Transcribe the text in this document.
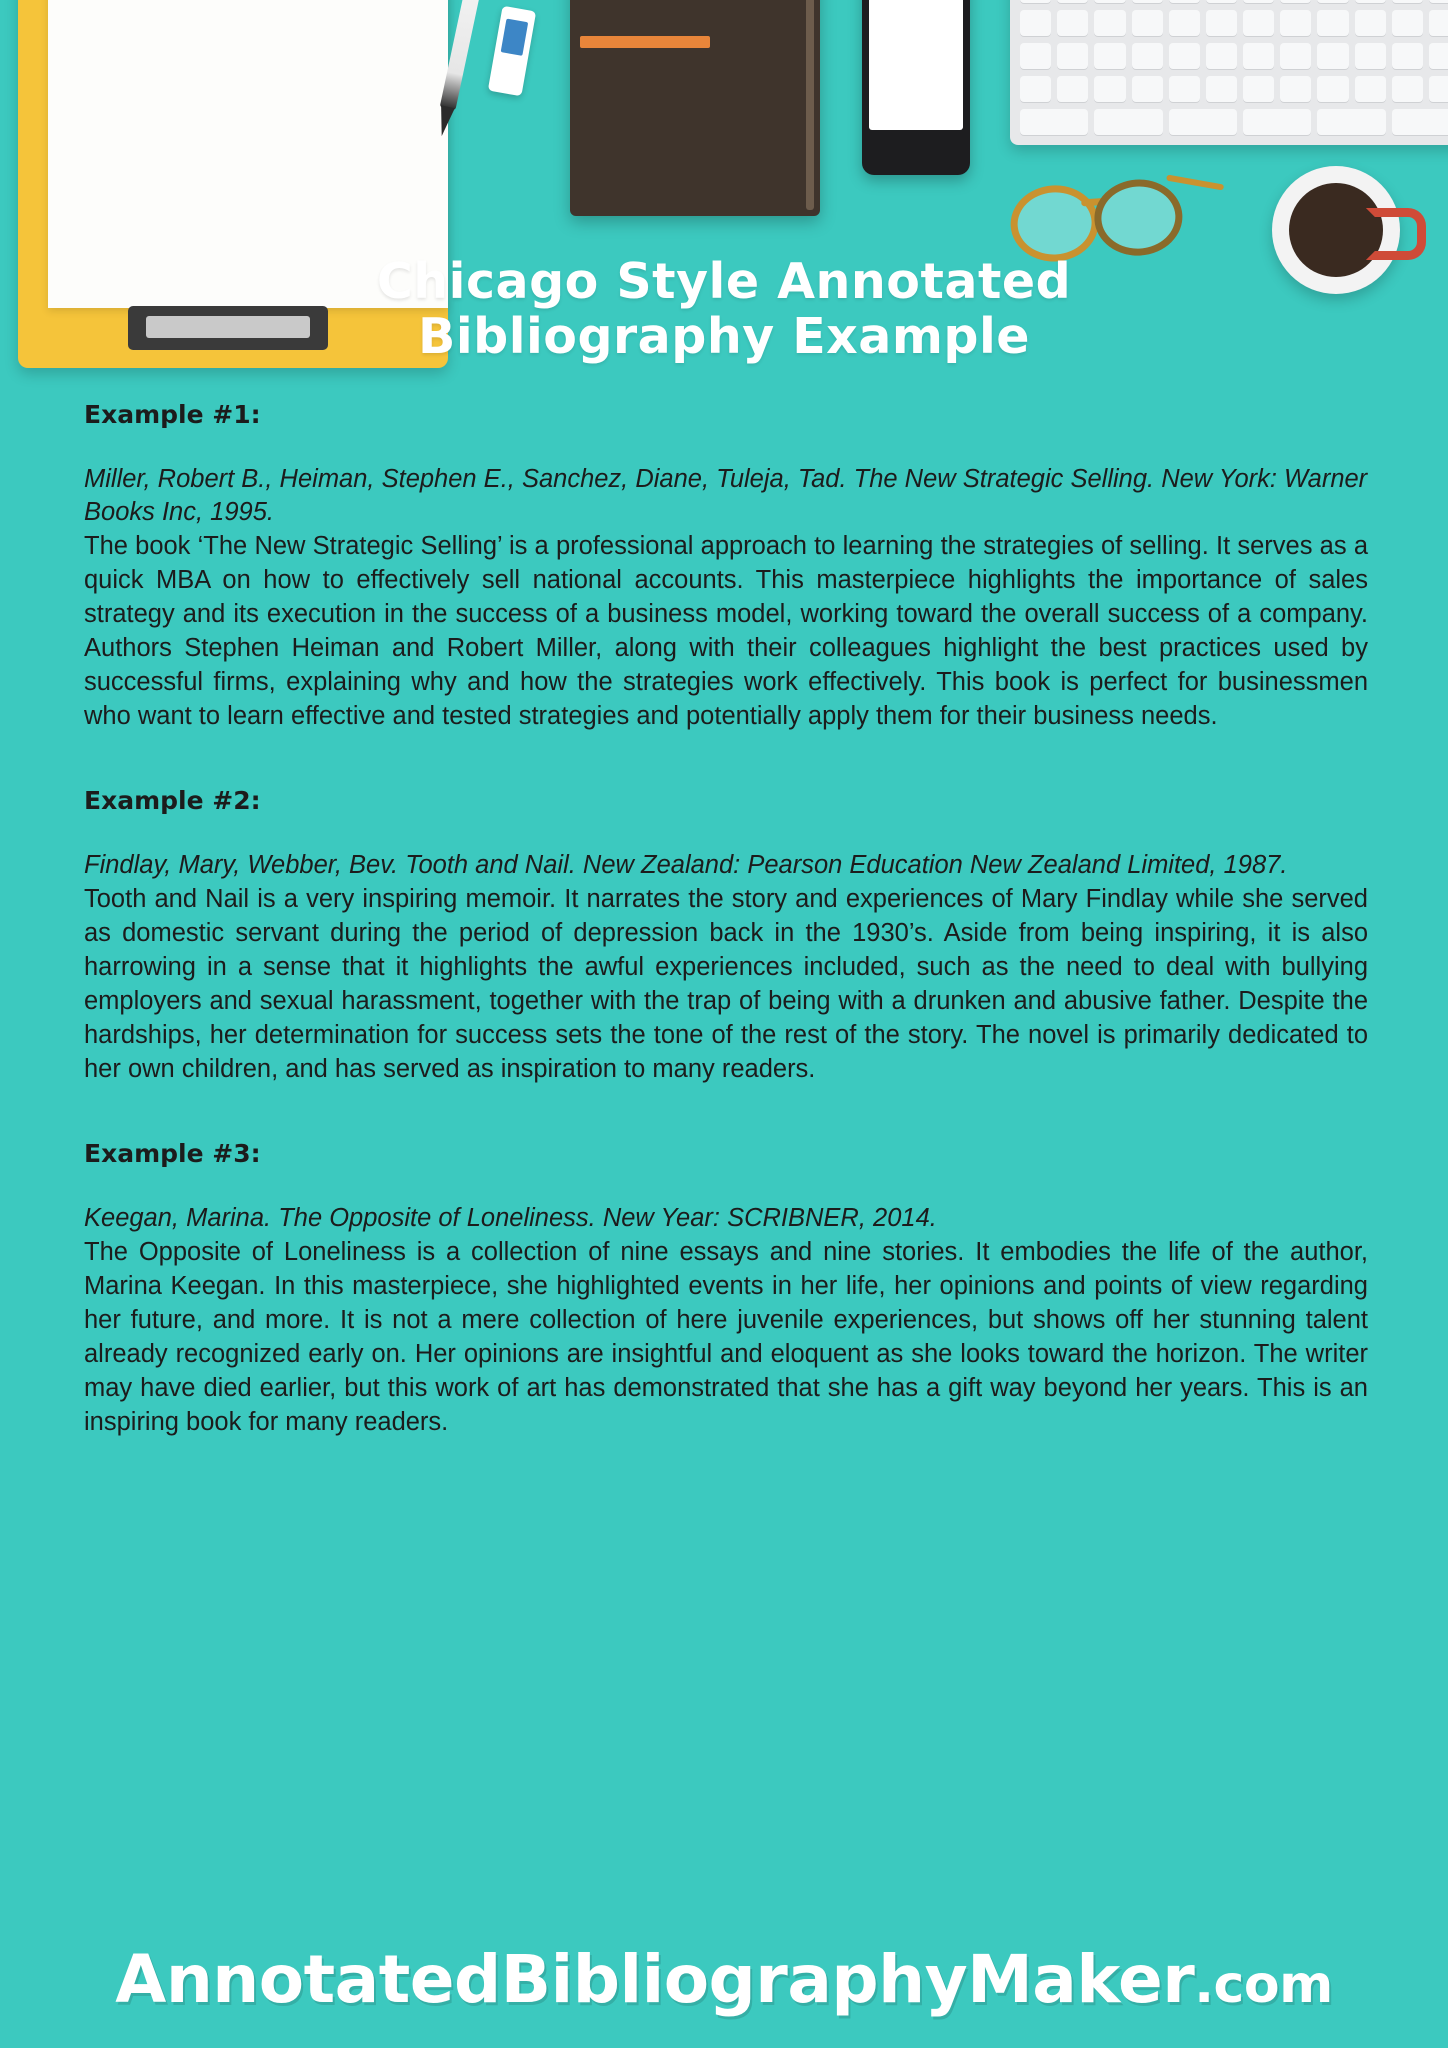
Chicago Style Annotated
Bibliography Example

Example #1:

Miller, Robert B., Heiman, Stephen E., Sanchez, Diane, Tuleja, Tad. The New Strategic Selling. New York: Warner Books Inc, 1995.

The book ‘The New Strategic Selling’ is a professional approach to learning the strategies of selling. It serves as a quick MBA on how to effectively sell national accounts. This masterpiece highlights the importance of sales strategy and its execution in the success of a business model, working toward the overall success of a company. Authors Stephen Heiman and Robert Miller, along with their colleagues highlight the best practices used by successful firms, explaining why and how the strategies work effectively. This book is perfect for businessmen who want to learn effective and tested strategies and potentially apply them for their business needs.

Example #2:

Findlay, Mary, Webber, Bev. Tooth and Nail. New Zealand: Pearson Education New Zealand Limited, 1987.

Tooth and Nail is a very inspiring memoir. It narrates the story and experiences of Mary Findlay while she served as domestic servant during the period of depression back in the 1930’s. Aside from being inspiring, it is also harrowing in a sense that it highlights the awful experiences included, such as the need to deal with bullying employers and sexual harassment, together with the trap of being with a drunken and abusive father. Despite the hardships, her determination for success sets the tone of the rest of the story. The novel is primarily dedicated to her own children, and has served as inspiration to many readers.

Example #3:

Keegan, Marina. The Opposite of Loneliness. New Year: SCRIBNER, 2014.

The Opposite of Loneliness is a collection of nine essays and nine stories. It embodies the life of the author, Marina Keegan. In this masterpiece, she highlighted events in her life, her opinions and points of view regarding her future, and more. It is not a mere collection of here juvenile experiences, but shows off her stunning talent already recognized early on. Her opinions are insightful and eloquent as she looks toward the horizon. The writer may have died earlier, but this work of art has demonstrated that she has a gift way beyond her years. This is an inspiring book for many readers.

AnnotatedBibliographyMaker.com
